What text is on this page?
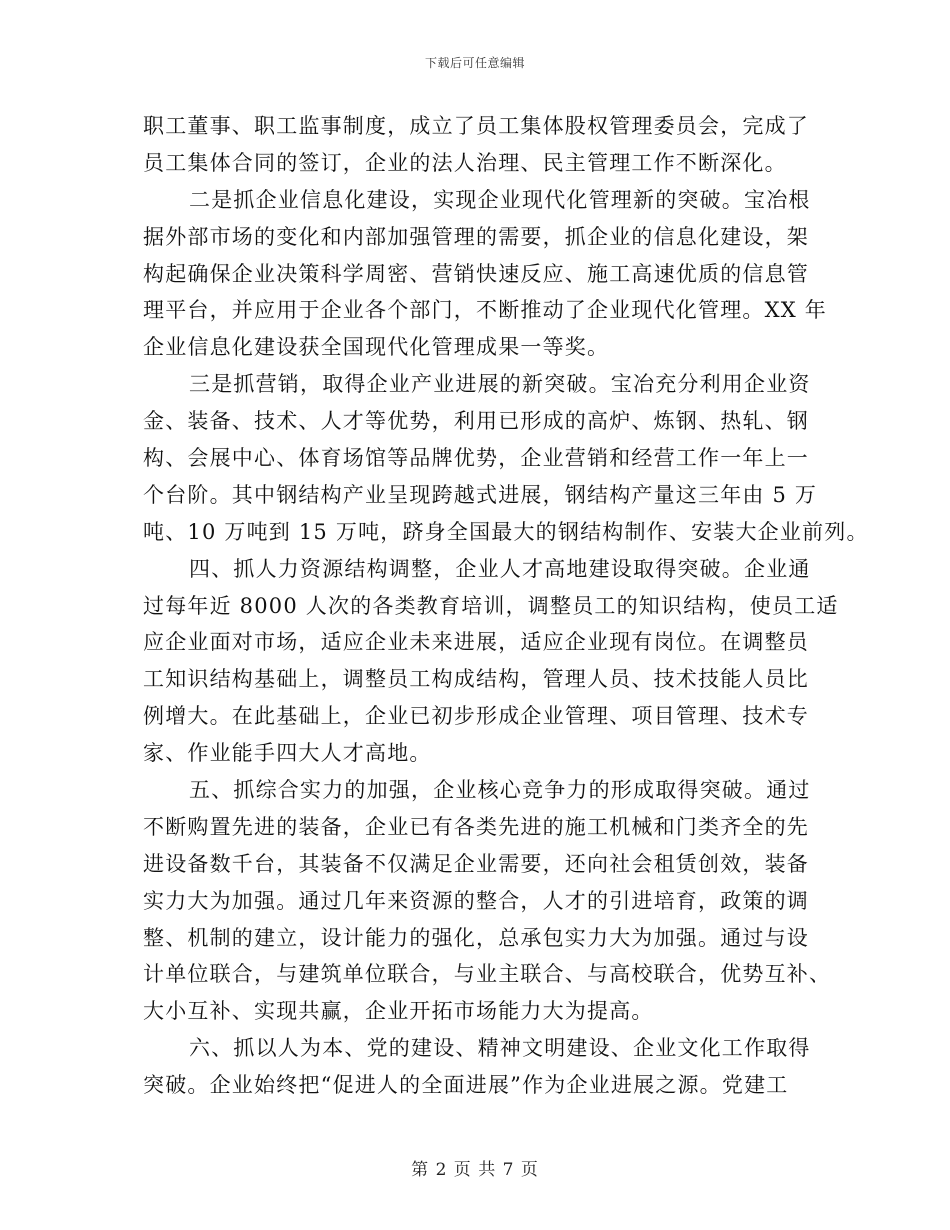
下载后可任意编辑
职工董事、职工监事制度，成立了员工集体股权管理委员会，完成了
员工集体合同的签订，企业的法人治理、民主管理工作不断深化。
二是抓企业信息化建设，实现企业现代化管理新的突破。宝冶根
据外部市场的变化和内部加强管理的需要，抓企业的信息化建设，架
构起确保企业决策科学周密、营销快速反应、施工高速优质的信息管
理平台，并应用于企业各个部门，不断推动了企业现代化管理。XX 年
企业信息化建设获全国现代化管理成果一等奖。
三是抓营销，取得企业产业进展的新突破。宝冶充分利用企业资
金、装备、技术、人才等优势，利用已形成的高炉、炼钢、热轧、钢
构、会展中心、体育场馆等品牌优势，企业营销和经营工作一年上一
个台阶。其中钢结构产业呈现跨越式进展，钢结构产量这三年由 5 万
吨、10 万吨到 15 万吨，跻身全国最大的钢结构制作、安装大企业前列。
四、抓人力资源结构调整，企业人才高地建设取得突破。企业通
过每年近 8000 人次的各类教育培训，调整员工的知识结构，使员工适
应企业面对市场，适应企业未来进展，适应企业现有岗位。在调整员
工知识结构基础上，调整员工构成结构，管理人员、技术技能人员比
例增大。在此基础上，企业已初步形成企业管理、项目管理、技术专
家、作业能手四大人才高地。
五、抓综合实力的加强，企业核心竞争力的形成取得突破。通过
不断购置先进的装备，企业已有各类先进的施工机械和门类齐全的先
进设备数千台，其装备不仅满足企业需要，还向社会租赁创效，装备
实力大为加强。通过几年来资源的整合，人才的引进培育，政策的调
整、机制的建立，设计能力的强化，总承包实力大为加强。通过与设
计单位联合，与建筑单位联合，与业主联合、与高校联合，优势互补、
大小互补、实现共赢，企业开拓市场能力大为提高。
六、抓以人为本、党的建设、精神文明建设、企业文化工作取得
突破。企业始终把“促进人的全面进展”作为企业进展之源。党建工
第 2 页 共 7 页
